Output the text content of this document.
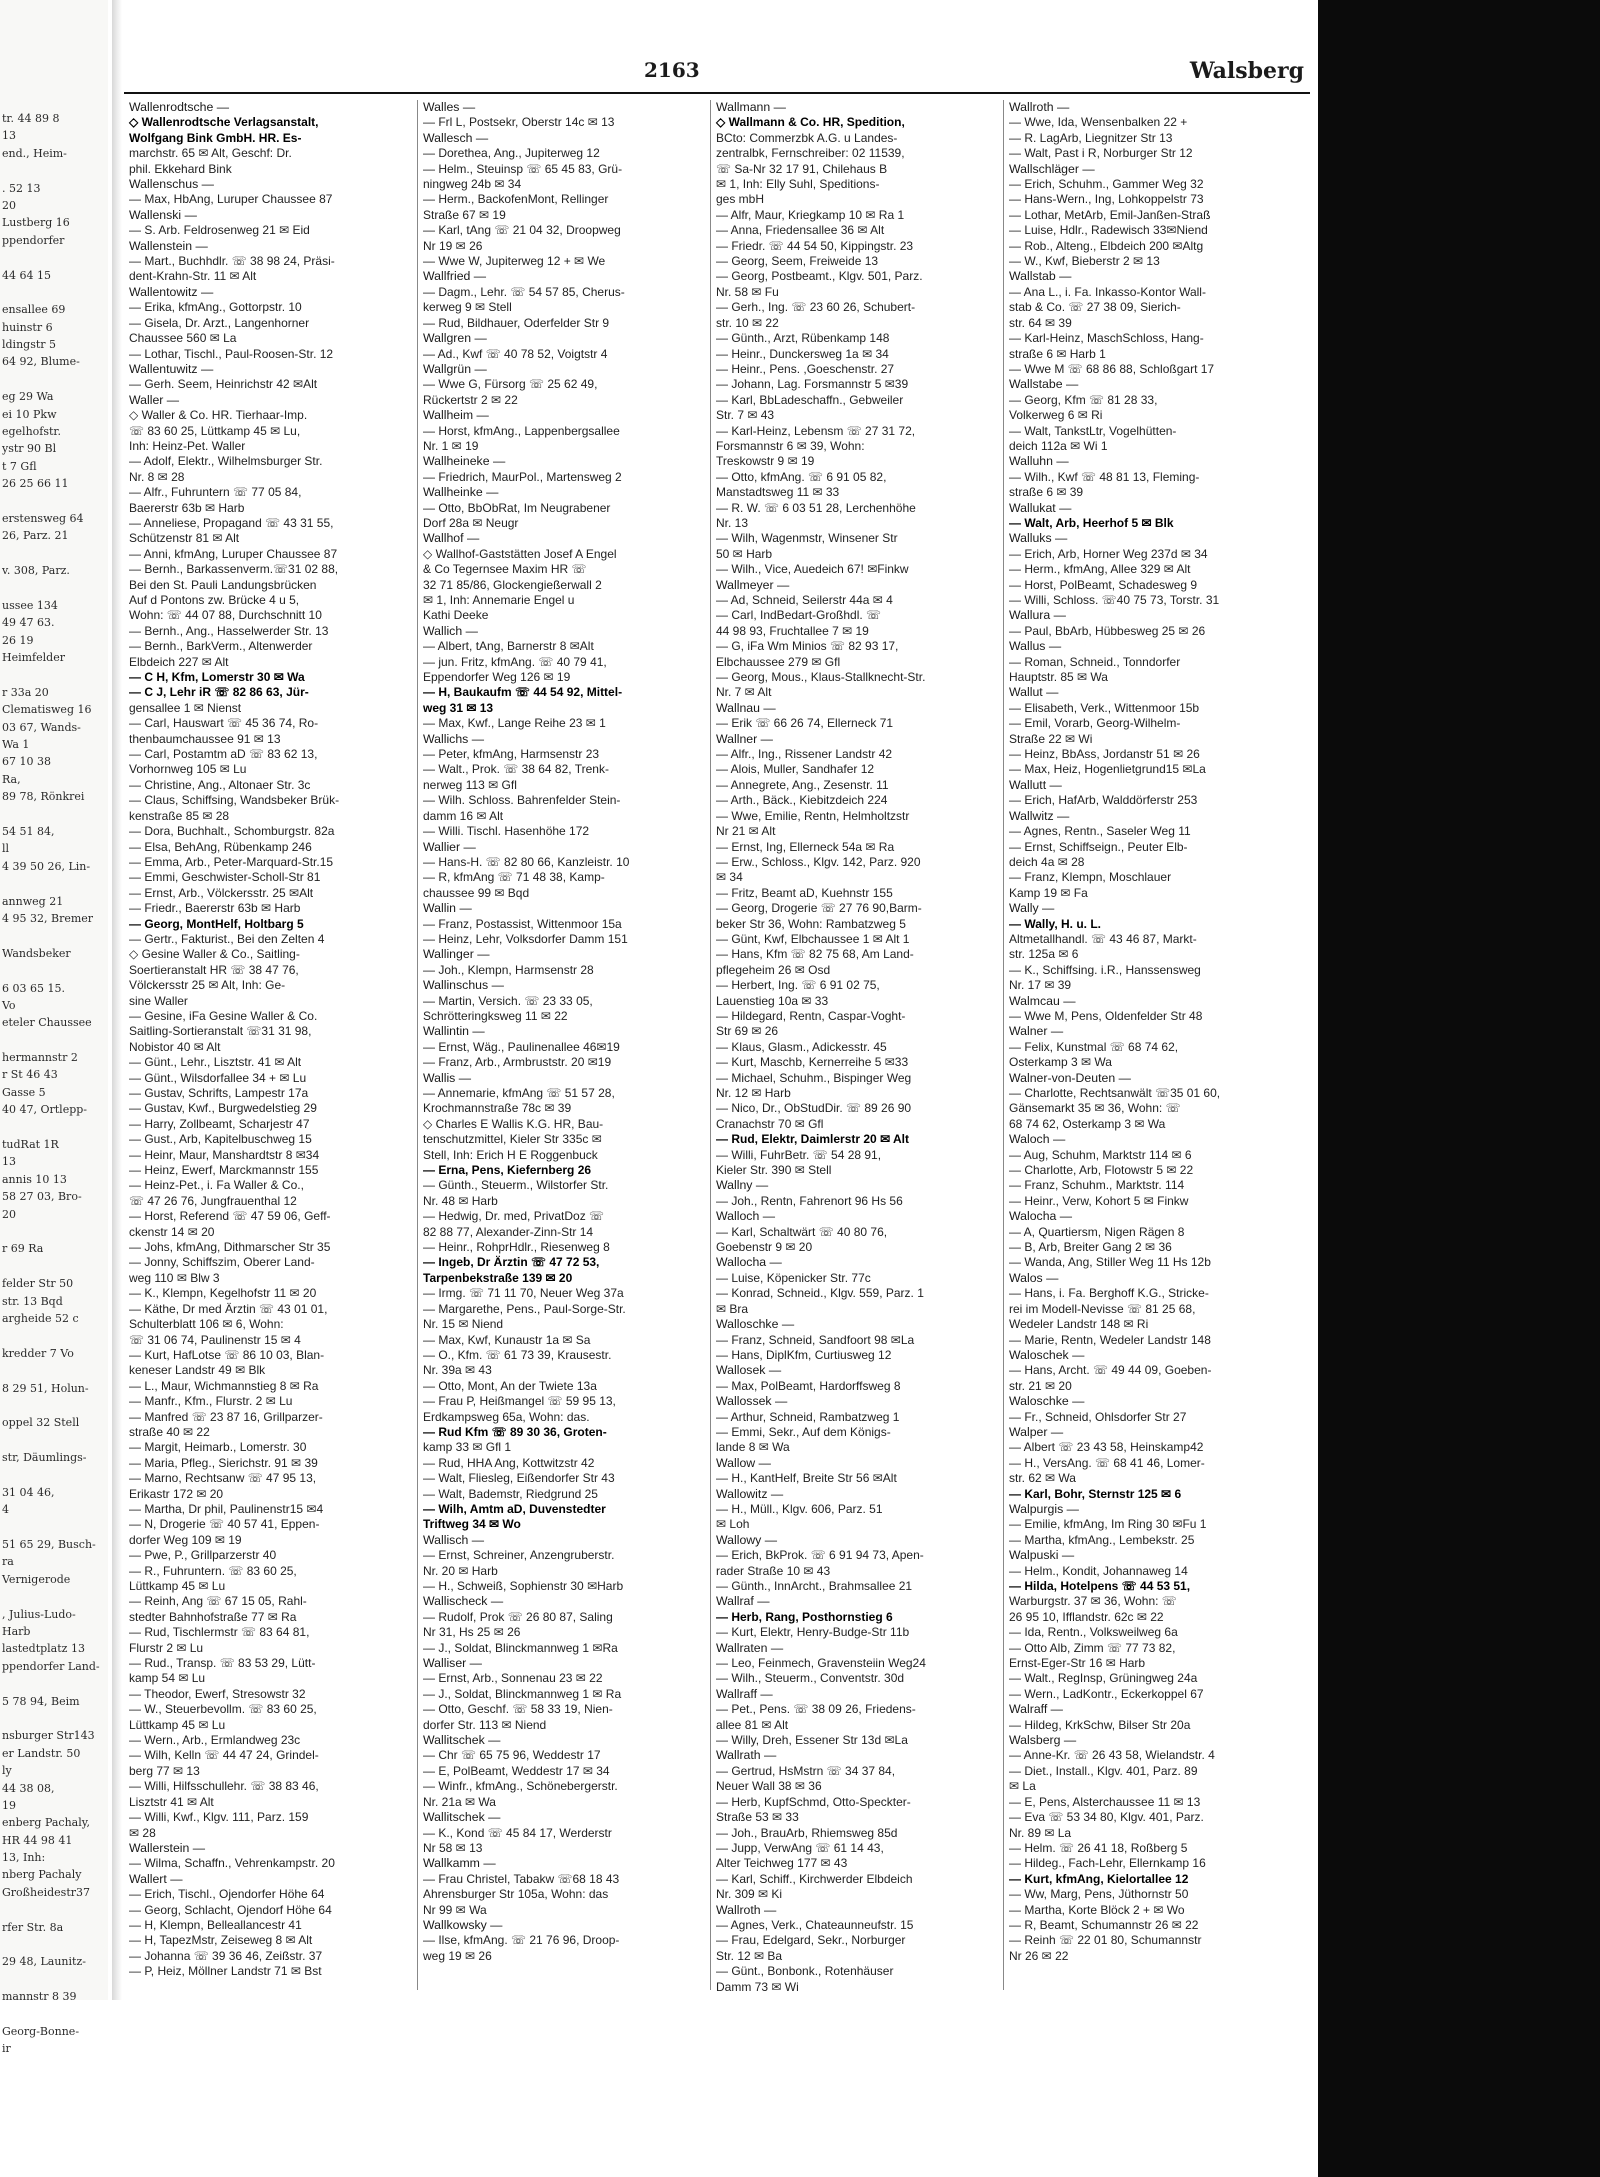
tr. 44 89 8
13
end., Heim-
. 52 13
20
Lustberg 16
ppendorfer
44 64 15
ensallee 69
huinstr 6
ldingstr 5
64 92, Blume-
eg 29 Wa
ei 10 Pkw
egelhofstr.
ystr 90 Bl
t 7 Gfl
26 25 66 11
erstensweg 64
26, Parz. 21
v. 308, Parz.
ussee 134
49 47 63.
26 19
Heimfelder
r 33a 20
Clematisweg 16
03 67, Wands-
Wa 1
67 10 38
Ra,
89 78, Rönkrei
54 51 84,
ll
4 39 50 26, Lin-
annweg 21
4 95 32, Bremer
Wandsbeker
6 03 65 15.
Vo
eteler Chaussee
hermannstr 2
r St 46 43
Gasse 5
40 47, Ortlepp-
tudRat 1R
13
annis 10 13
58 27 03, Bro-
20
r 69 Ra
felder Str 50
str. 13 Bqd
argheide 52 c
kredder 7 Vo
8 29 51, Holun-
oppel 32 Stell
str, Däumlings-
31 04 46,
4
51 65 29, Busch-
ra
Vernigerode
, Julius-Ludo-
Harb
lastedtplatz 13
ppendorfer Land-
5 78 94, Beim
nsburger Str143
er Landstr. 50
ly
44 38 08,
19
enberg Pachaly,
HR 44 98 41
13, Inh:
nberg Pachaly
Großheidestr37
rfer Str. 8a
29 48, Launitz-
mannstr 8 39
Georg-Bonne-
ir
2163	Walsberg
Wallenrodtsche —
◇ Wallenrodtsche Verlagsanstalt,
Wolfgang Bink GmbH. HR. Es-
marchstr. 65 ✉ Alt, Geschf: Dr.
phil. Ekkehard Bink
Wallenschus —
— Max, HbAng, Luruper Chaussee 87
Wallenski —
— S. Arb. Feldrosenweg 21 ✉ Eid
Wallenstein —
— Mart., Buchhdlr. ☏ 38 98 24, Präsi-
dent-Krahn-Str. 11 ✉ Alt
Wallentowitz —
— Erika, kfmAng., Gottorpstr. 10
— Gisela, Dr. Arzt., Langenhorner
Chaussee 560 ✉ La
— Lothar, Tischl., Paul-Roosen-Str. 12
Wallentuwitz —
— Gerh. Seem, Heinrichstr 42 ✉Alt
Waller —
◇ Waller & Co. HR. Tierhaar-Imp.
☏ 83 60 25, Lüttkamp 45 ✉ Lu,
Inh: Heinz-Pet. Waller
— Adolf, Elektr., Wilhelmsburger Str.
Nr. 8 ✉ 28
— Alfr., Fuhruntern ☏ 77 05 84,
Baererstr 63b ✉ Harb
— Anneliese, Propagand ☏ 43 31 55,
Schützenstr 81 ✉ Alt
— Anni, kfmAng, Luruper Chaussee 87
— Bernh., Barkassenverm.☏31 02 88,
Bei den St. Pauli Landungsbrücken
Auf d Pontons zw. Brücke 4 u 5,
Wohn: ☏ 44 07 88, Durchschnitt 10
— Bernh., Ang., Hasselwerder Str. 13
— Bernh., BarkVerm., Altenwerder
Elbdeich 227 ✉ Alt
— C H, Kfm, Lomerstr 30 ✉ Wa
— C J, Lehr iR ☏ 82 86 63, Jür-
gensallee 1 ✉ Nienst
— Carl, Hauswart ☏ 45 36 74, Ro-
thenbaumchaussee 91 ✉ 13
— Carl, Postamtm aD ☏ 83 62 13,
Vorhornweg 105 ✉ Lu
— Christine, Ang., Altonaer Str. 3c
— Claus, Schiffsing, Wandsbeker Brük-
kenstraße 85 ✉ 28
— Dora, Buchhalt., Schomburgstr. 82a
— Elsa, BehAng, Rübenkamp 246
— Emma, Arb., Peter-Marquard-Str.15
— Emmi, Geschwister-Scholl-Str 81
— Ernst, Arb., Völckersstr. 25 ✉Alt
— Friedr., Baererstr 63b ✉ Harb
— Georg, MontHelf, Holtbarg 5
— Gertr., Fakturist., Bei den Zelten 4
◇ Gesine Waller & Co., Saitling-
Soertieranstalt HR ☏ 38 47 76,
Völckersstr 25 ✉ Alt, Inh: Ge-
sine Waller
— Gesine, iFa Gesine Waller & Co.
Saitling-Sortieranstalt ☏31 31 98,
Nobistor 40 ✉ Alt
— Günt., Lehr., Lisztstr. 41 ✉ Alt
— Günt., Wilsdorfallee 34 + ✉ Lu
— Gustav, Schrifts, Lampestr 17a
— Gustav, Kwf., Burgwedelstieg 29
— Harry, Zollbeamt, Scharjestr 47
— Gust., Arb, Kapitelbuschweg 15
— Heinr, Maur, Manshardtstr 8 ✉34
— Heinz, Ewerf, Marckmannstr 155
— Heinz-Pet., i. Fa Waller & Co.,
☏ 47 26 76, Jungfrauenthal 12
— Horst, Referend ☏ 47 59 06, Geff-
ckenstr 14 ✉ 20
— Johs, kfmAng, Dithmarscher Str 35
— Jonny, Schiffszim, Oberer Land-
weg 110 ✉ Blw 3
— K., Klempn, Kegelhofstr 11 ✉ 20
— Käthe, Dr med Ärztin ☏ 43 01 01,
Schulterblatt 106 ✉ 6, Wohn:
☏ 31 06 74, Paulinenstr 15 ✉ 4
— Kurt, HafLotse ☏ 86 10 03, Blan-
keneser Landstr 49 ✉ Blk
— L., Maur, Wichmannstieg 8 ✉ Ra
— Manfr., Kfm., Flurstr. 2 ✉ Lu
— Manfred ☏ 23 87 16, Grillparzer-
straße 40 ✉ 22
— Margit, Heimarb., Lomerstr. 30
— Maria, Pfleg., Sierichstr. 91 ✉ 39
— Marno, Rechtsanw ☏ 47 95 13,
Erikastr 172 ✉ 20
— Martha, Dr phil, Paulinenstr15 ✉4
— N, Drogerie ☏ 40 57 41, Eppen-
dorfer Weg 109 ✉ 19
— Pwe, P., Grillparzerstr 40
— R., Fuhruntern. ☏ 83 60 25,
Lüttkamp 45 ✉ Lu
— Reinh, Ang ☏ 67 15 05, Rahl-
stedter Bahnhofstraße 77 ✉ Ra
— Rud, Tischlermstr ☏ 83 64 81,
Flurstr 2 ✉ Lu
— Rud., Transp. ☏ 83 53 29, Lütt-
kamp 54 ✉ Lu
— Theodor, Ewerf, Stresowstr 32
— W., Steuerbevollm. ☏ 83 60 25,
Lüttkamp 45 ✉ Lu
— Wern., Arb., Ermlandweg 23c
— Wilh, Kelln ☏ 44 47 24, Grindel-
berg 77 ✉ 13
— Willi, Hilfsschullehr. ☏ 38 83 46,
Lisztstr 41 ✉ Alt
— Willi, Kwf., Klgv. 111, Parz. 159
✉ 28
Wallerstein —
— Wilma, Schaffn., Vehrenkampstr. 20
Wallert —
— Erich, Tischl., Ojendorfer Höhe 64
— Georg, Schlacht, Ojendorf Höhe 64
— H, Klempn, Belleallancestr 41
— H, TapezMstr, Zeiseweg 8 ✉ Alt
— Johanna ☏ 39 36 46, Zeißstr. 37
— P, Heiz, Möllner Landstr 71 ✉ Bst
Walles —
— Frl L, Postsekr, Oberstr 14c ✉ 13
Wallesch —
— Dorethea, Ang., Jupiterweg 12
— Helm., Steuinsp ☏ 65 45 83, Grü-
ningweg 24b ✉ 34
— Herm., BackofenMont, Rellinger
Straße 67 ✉ 19
— Karl, tAng ☏ 21 04 32, Droopweg
Nr 19 ✉ 26
— Wwe W, Jupiterweg 12 + ✉ We
Wallfried —
— Dagm., Lehr. ☏ 54 57 85, Cherus-
kerweg 9 ✉ Stell
— Rud, Bildhauer, Oderfelder Str 9
Wallgren —
— Ad., Kwf ☏ 40 78 52, Voigtstr 4
Wallgrün —
— Wwe G, Fürsorg ☏ 25 62 49,
Rückertstr 2 ✉ 22
Wallheim —
— Horst, kfmAng., Lappenbergsallee
Nr. 1 ✉ 19
Wallheineke —
— Friedrich, MaurPol., Martensweg 2
Wallheinke —
— Otto, BbObRat, Im Neugrabener
Dorf 28a ✉ Neugr
Wallhof —
◇ Wallhof-Gaststätten Josef A Engel
& Co Tegernsee Maxim HR ☏
32 71 85/86, Glockengießerwall 2
✉ 1, Inh: Annemarie Engel u
Kathi Deeke
Wallich —
— Albert, tAng, Barnerstr 8 ✉Alt
— jun. Fritz, kfmAng. ☏ 40 79 41,
Eppendorfer Weg 126 ✉ 19
— H, Baukaufm ☏ 44 54 92, Mittel-
weg 31 ✉ 13
— Max, Kwf., Lange Reihe 23 ✉ 1
Wallichs —
— Peter, kfmAng, Harmsenstr 23
— Walt., Prok. ☏ 38 64 82, Trenk-
nerweg 113 ✉ Gfl
— Wilh. Schloss. Bahrenfelder Stein-
damm 16 ✉ Alt
— Willi. Tischl. Hasenhöhe 172
Wallier —
— Hans-H. ☏ 82 80 66, Kanzleistr. 10
— R, kfmAng ☏ 71 48 38, Kamp-
chaussee 99 ✉ Bqd
Wallin —
— Franz, Postassist, Wittenmoor 15a
— Heinz, Lehr, Volksdorfer Damm 151
Wallinger —
— Joh., Klempn, Harmsenstr 28
Wallinschus —
— Martin, Versich. ☏ 23 33 05,
Schrötteringksweg 11 ✉ 22
Wallintin —
— Ernst, Wäg., Paulinenallee 46✉19
— Franz, Arb., Armbruststr. 20 ✉19
Wallis —
— Annemarie, kfmAng ☏ 51 57 28,
Krochmannstraße 78c ✉ 39
◇ Charles E Wallis K.G. HR, Bau-
tenschutzmittel, Kieler Str 335c ✉
Stell, Inh: Erich H E Roggenbuck
— Erna, Pens, Kiefernberg 26
— Günth., Steuerm., Wilstorfer Str.
Nr. 48 ✉ Harb
— Hedwig, Dr. med, PrivatDoz ☏
82 88 77, Alexander-Zinn-Str 14
— Heinr., RohprHdlr., Riesenweg 8
— Ingeb, Dr Ärztin ☏ 47 72 53,
Tarpenbekstraße 139 ✉ 20
— Irmg. ☏ 71 11 70, Neuer Weg 37a
— Margarethe, Pens., Paul-Sorge-Str.
Nr. 15 ✉ Niend
— Max, Kwf, Kunaustr 1a ✉ Sa
— O., Kfm. ☏ 61 73 39, Krausestr.
Nr. 39a ✉ 43
— Otto, Mont, An der Twiete 13a
— Frau P, Heißmangel ☏ 59 95 13,
Erdkampsweg 65a, Wohn: das.
— Rud Kfm ☏ 89 30 36, Groten-
kamp 33 ✉ Gfl 1
— Rud, HHA Ang, Kottwitzstr 42
— Walt, Fliesleg, Eißendorfer Str 43
— Walt, Bademstr, Riedgrund 25
— Wilh, Amtm aD, Duvenstedter
Triftweg 34 ✉ Wo
Wallisch —
— Ernst, Schreiner, Anzengruberstr.
Nr. 20 ✉ Harb
— H., Schweiß, Sophienstr 30 ✉Harb
Wallischeck —
— Rudolf, Prok ☏ 26 80 87, Saling
Nr 31, Hs 25 ✉ 26
— J., Soldat, Blinckmannweg 1 ✉Ra
Walliser —
— Ernst, Arb., Sonnenau 23 ✉ 22
— J., Soldat, Blinckmannweg 1 ✉ Ra
— Otto, Geschf. ☏ 58 33 19, Nien-
dorfer Str. 113 ✉ Niend
Wallitschek —
— Chr ☏ 65 75 96, Weddestr 17
— E, PolBeamt, Weddestr 17 ✉ 34
— Winfr., kfmAng., Schönebergerstr.
Nr. 21a ✉ Wa
Wallitschek —
— K., Kond ☏ 45 84 17, Werderstr
Nr 58 ✉ 13
Wallkamm —
— Frau Christel, Tabakw ☏68 18 43
Ahrensburger Str 105a, Wohn: das
Nr 99 ✉ Wa
Wallkowsky —
— Ilse, kfmAng. ☏ 21 76 96, Droop-
weg 19 ✉ 26
Wallmann —
◇ Wallmann & Co. HR, Spedition,
BCto: Commerzbk A.G. u Landes-
zentralbk, Fernschreiber: 02 11539,
☏ Sa-Nr 32 17 91, Chilehaus B
✉ 1, Inh: Elly Suhl, Speditions-
ges mbH
— Alfr, Maur, Kriegkamp 10 ✉ Ra 1
— Anna, Friedensallee 36 ✉ Alt
— Friedr. ☏ 44 54 50, Kippingstr. 23
— Georg, Seem, Freiweide 13
— Georg, Postbeamt., Klgv. 501, Parz.
Nr. 58 ✉ Fu
— Gerh., Ing. ☏ 23 60 26, Schubert-
str. 10 ✉ 22
— Günth., Arzt, Rübenkamp 148
— Heinr., Dunckersweg 1a ✉ 34
— Heinr., Pens. ,Goeschenstr. 27
— Johann, Lag. Forsmannstr 5 ✉39
— Karl, BbLadeschaffn., Gebweiler
Str. 7 ✉ 43
— Karl-Heinz, Lebensm ☏ 27 31 72,
Forsmannstr 6 ✉ 39, Wohn:
Treskowstr 9 ✉ 19
— Otto, kfmAng. ☏ 6 91 05 82,
Manstadtsweg 11 ✉ 33
— R. W. ☏ 6 03 51 28, Lerchenhöhe
Nr. 13
— Wilh, Wagenmstr, Winsener Str
50 ✉ Harb
— Wilh., Vice, Auedeich 67! ✉Finkw
Wallmeyer —
— Ad, Schneid, Seilerstr 44a ✉ 4
— Carl, IndBedart-Großhdl. ☏
44 98 93, Fruchtallee 7 ✉ 19
— G, iFa Wm Minios ☏ 82 93 17,
Elbchaussee 279 ✉ Gfl
— Georg, Mous., Klaus-Stallknecht-Str.
Nr. 7 ✉ Alt
Wallnau —
— Erik ☏ 66 26 74, Ellerneck 71
Wallner —
— Alfr., Ing., Rissener Landstr 42
— Alois, Muller, Sandhafer 12
— Annegrete, Ang., Zesenstr. 11
— Arth., Bäck., Kiebitzdeich 224
— Wwe, Emilie, Rentn, Helmholtzstr
Nr 21 ✉ Alt
— Ernst, Ing, Ellerneck 54a ✉ Ra
— Erw., Schloss., Klgv. 142, Parz. 920
✉ 34
— Fritz, Beamt aD, Kuehnstr 155
— Georg, Drogerie ☏ 27 76 90,Barm-
beker Str 36, Wohn: Rambatzweg 5
— Günt, Kwf, Elbchaussee 1 ✉ Alt 1
— Hans, Kfm ☏ 82 75 68, Am Land-
pflegeheim 26 ✉ Osd
— Herbert, Ing. ☏ 6 91 02 75,
Lauenstieg 10a ✉ 33
— Hildegard, Rentn, Caspar-Voght-
Str 69 ✉ 26
— Klaus, Glasm., Adickesstr. 45
— Kurt, Maschb, Kernerreihe 5 ✉33
— Michael, Schuhm., Bispinger Weg
Nr. 12 ✉ Harb
— Nico, Dr., ObStudDir. ☏ 89 26 90
Cranachstr 70 ✉ Gfl
— Rud, Elektr, Daimlerstr 20 ✉ Alt
— Willi, FuhrBetr. ☏ 54 28 91,
Kieler Str. 390 ✉ Stell
Wallny —
— Joh., Rentn, Fahrenort 96 Hs 56
Walloch —
— Karl, Schaltwärt ☏ 40 80 76,
Goebenstr 9 ✉ 20
Wallocha —
— Luise, Köpenicker Str. 77c
— Konrad, Schneid., Klgv. 559, Parz. 1
✉ Bra
Walloschke —
— Franz, Schneid, Sandfoort 98 ✉La
— Hans, DiplKfm, Curtiusweg 12
Wallosek —
— Max, PolBeamt, Hardorffsweg 8
Wallossek —
— Arthur, Schneid, Rambatzweg 1
— Emmi, Sekr., Auf dem Königs-
lande 8 ✉ Wa
Wallow —
— H., KantHelf, Breite Str 56 ✉Alt
Wallowitz —
— H., Müll., Klgv. 606, Parz. 51
✉ Loh
Wallowy —
— Erich, BkProk. ☏ 6 91 94 73, Apen-
rader Straße 10 ✉ 43
— Günth., InnArcht., Brahmsallee 21
Wallraf —
— Herb, Rang, Posthornstieg 6
— Kurt, Elektr, Henry-Budge-Str 11b
Wallraten —
— Leo, Feinmech, Gravensteiin Weg24
— Wilh., Steuerm., Conventstr. 30d
Wallraff —
— Pet., Pens. ☏ 38 09 26, Friedens-
allee 81 ✉ Alt
— Willy, Dreh, Essener Str 13d ✉La
Wallrath —
— Gertrud, HsMstrn ☏ 34 37 84,
Neuer Wall 38 ✉ 36
— Herb, KupfSchmd, Otto-Speckter-
Straße 53 ✉ 33
— Joh., BrauArb, Rhiemsweg 85d
— Jupp, VerwAng ☏ 61 14 43,
Alter Teichweg 177 ✉ 43
— Karl, Schiff., Kirchwerder Elbdeich
Nr. 309 ✉ Ki
Wallroth —
— Agnes, Verk., Chateaunneufstr. 15
— Frau, Edelgard, Sekr., Norburger
Str. 12 ✉ Ba
— Günt., Bonbonk., Rotenhäuser
Damm 73 ✉ Wi
Wallroth —
— Wwe, Ida, Wensenbalken 22 +
— R. LagArb, Liegnitzer Str 13
— Walt, Past i R, Norburger Str 12
Wallschläger —
— Erich, Schuhm., Gammer Weg 32
— Hans-Wern., Ing, Lohkoppelstr 73
— Lothar, MetArb, Emil-Janßen-Straß
— Luise, Hdlr., Radewisch 33✉Niend
— Rob., Alteng., Elbdeich 200 ✉Altg
— W., Kwf, Bieberstr 2 ✉ 13
Wallstab —
— Ana L., i. Fa. Inkasso-Kontor Wall-
stab & Co. ☏ 27 38 09, Sierich-
str. 64 ✉ 39
— Karl-Heinz, MaschSchloss, Hang-
straße 6 ✉ Harb 1
— Wwe M ☏ 68 86 88, Schloßgart 17
Wallstabe —
— Georg, Kfm ☏ 81 28 33,
Volkerweg 6 ✉ Ri
— Walt, TankstLtr, Vogelhütten-
deich 112a ✉ Wi 1
Walluhn —
— Wilh., Kwf ☏ 48 81 13, Fleming-
straße 6 ✉ 39
Wallukat —
— Walt, Arb, Heerhof 5 ✉ Blk
Walluks —
— Erich, Arb, Horner Weg 237d ✉ 34
— Herm., kfmAng, Allee 329 ✉ Alt
— Horst, PolBeamt, Schadesweg 9
— Willi, Schloss. ☏40 75 73, Torstr. 31
Wallura —
— Paul, BbArb, Hübbesweg 25 ✉ 26
Wallus —
— Roman, Schneid., Tonndorfer
Hauptstr. 85 ✉ Wa
Wallut —
— Elisabeth, Verk., Wittenmoor 15b
— Emil, Vorarb, Georg-Wilhelm-
Straße 22 ✉ Wi
— Heinz, BbAss, Jordanstr 51 ✉ 26
— Max, Heiz, Hogenlietgrund15 ✉La
Wallutt —
— Erich, HafArb, Walddörferstr 253
Wallwitz —
— Agnes, Rentn., Saseler Weg 11
— Ernst, Schiffseign., Peuter Elb-
deich 4a ✉ 28
— Franz, Klempn, Moschlauer
Kamp 19 ✉ Fa
Wally —
— Wally, H. u. L.
Altmetallhandl. ☏ 43 46 87, Markt-
str. 125a ✉ 6
— K., Schiffsing. i.R., Hanssensweg
Nr. 17 ✉ 39
Walmcau —
— Wwe M, Pens, Oldenfelder Str 48
Walner —
— Felix, Kunstmal ☏ 68 74 62,
Osterkamp 3 ✉ Wa
Walner-von-Deuten —
— Charlotte, Rechtsanwält ☏35 01 60,
Gänsemarkt 35 ✉ 36, Wohn: ☏
68 74 62, Osterkamp 3 ✉ Wa
Waloch —
— Aug, Schuhm, Marktstr 114 ✉ 6
— Charlotte, Arb, Flotowstr 5 ✉ 22
— Franz, Schuhm., Marktstr. 114
— Heinr., Verw, Kohort 5 ✉ Finkw
Walocha —
— A, Quartiersm, Nigen Rägen 8
— B, Arb, Breiter Gang 2 ✉ 36
— Wanda, Ang, Stiller Weg 11 Hs 12b
Walos —
— Hans, i. Fa. Berghoff K.G., Stricke-
rei im Modell-Nevisse ☏ 81 25 68,
Wedeler Landstr 148 ✉ Ri
— Marie, Rentn, Wedeler Landstr 148
Waloschek —
— Hans, Archt. ☏ 49 44 09, Goeben-
str. 21 ✉ 20
Waloschke —
— Fr., Schneid, Ohlsdorfer Str 27
Walper —
— Albert ☏ 23 43 58, Heinskamp42
— H., VersAng. ☏ 68 41 46, Lomer-
str. 62 ✉ Wa
— Karl, Bohr, Sternstr 125 ✉ 6
Walpurgis —
— Emilie, kfmAng, Im Ring 30 ✉Fu 1
— Martha, kfmAng., Lembekstr. 25
Walpuski —
— Helm., Kondit, Johannaweg 14
— Hilda, Hotelpens ☏ 44 53 51,
Warburgstr. 37 ✉ 36, Wohn: ☏
26 95 10, Ifflandstr. 62c ✉ 22
— Ida, Rentn., Volksweilweg 6a
— Otto Alb, Zimm ☏ 77 73 82,
Ernst-Eger-Str 16 ✉ Harb
— Walt., RegInsp, Grüningweg 24a
— Wern., LadKontr., Eckerkoppel 67
Walraff —
— Hildeg, KrkSchw, Bilser Str 20a
Walsberg —
— Anne-Kr. ☏ 26 43 58, Wielandstr. 4
— Diet., Install., Klgv. 401, Parz. 89
✉ La
— E, Pens, Alsterchaussee 11 ✉ 13
— Eva ☏ 53 34 80, Klgv. 401, Parz.
Nr. 89 ✉ La
— Helm. ☏ 26 41 18, Roßberg 5
— Hildeg., Fach-Lehr, Ellernkamp 16
— Kurt, kfmAng, Kielortallee 12
— Ww, Marg, Pens, Jüthornstr 50
— Martha, Korte Blöck 2 + ✉ Wo
— R, Beamt, Schumannstr 26 ✉ 22
— Reinh ☏ 22 01 80, Schumannstr
Nr 26 ✉ 22
